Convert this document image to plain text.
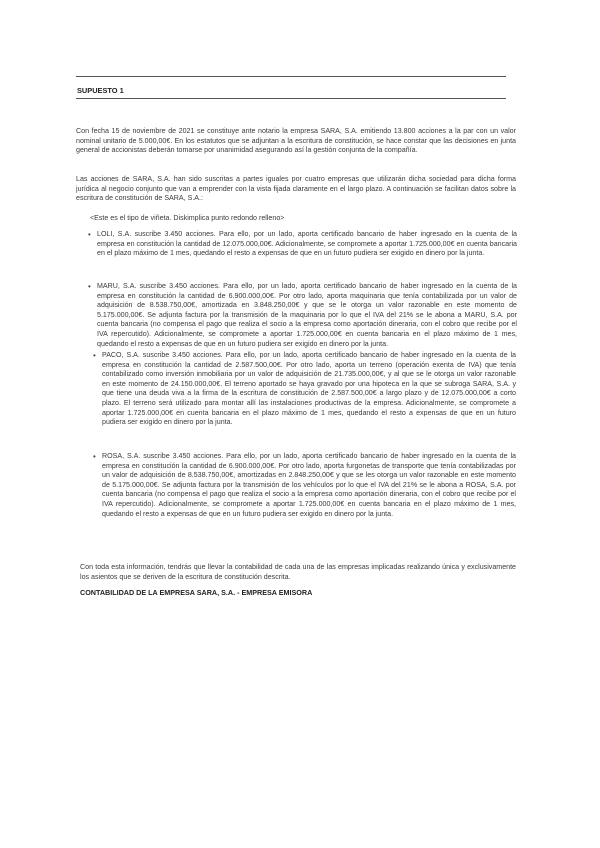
SUPUESTO 1
Con fecha 15 de noviembre de 2021 se constituye ante notario la empresa SARA, S.A. emitiendo 13.800 acciones a la par con un valor nominal unitario de 5.000,00€. En los estatutos que se adjuntan a la escritura de constitución, se hace constar que las decisiones en junta general de accionistas deberán tomarse por unanimidad asegurando así la gestión conjunta de la compañía.
Las acciones de SARA, S.A. han sido suscritas a partes iguales por cuatro empresas que utilizarán dicha sociedad para dicha forma jurídica al negocio conjunto que van a emprender con la vista fijada claramente en el largo plazo. A continuación se facilitan datos sobre la escritura de constitución de SARA, S.A.:
<Este es el tipo de viñeta. Diskimplica punto redondo relleno>
• LOLI, S.A. suscribe 3.450 acciones. Para ello, por un lado, aporta certificado bancario de haber ingresado en la cuenta de la empresa en constitución la cantidad de 12.075.000,00€. Adicionalmente, se compromete a aportar 1.725.000,00€ en cuenta bancaria en el plazo máximo de 1 mes, quedando el resto a expensas de que en un futuro pudiera ser exigido en dinero por la junta.
• MARU, S.A. suscribe 3.450 acciones. Para ello, por un lado, aporta certificado bancario de haber ingresado en la cuenta de la empresa en constitución la cantidad de 6.900.000,00€. Por otro lado, aporta maquinaria que tenía contabilizada por un valor de adquisición de 8.538.750,00€, amortizada en 3.848.250,00€ y que se le otorga un valor razonable en este momento de 5.175.000,00€. Se adjunta factura por la transmisión de la maquinaria por lo que el IVA del 21% se le abona a MARU, S.A. por cuenta bancaria (no compensa el pago que realiza el socio a la empresa como aportación dineraria, con el cobro que recibe por el IVA repercutido). Adicionalmente, se compromete a aportar 1.725.000,00€ en cuenta bancaria en el plazo máximo de 1 mes, quedando el resto a expensas de que en un futuro pudiera ser exigido en dinero por la junta.
• PACO, S.A. suscribe 3.450 acciones. Para ello, por un lado, aporta certificado bancario de haber ingresado en la cuenta de la empresa en constitución la cantidad de 2.587.500,00€. Por otro lado, aporta un terreno (operación exenta de IVA) que tenía contabilizado como inversión inmobiliaria por un valor de adquisición de 21.735.000,00€, y al que se le otorga un valor razonable en este momento de 24.150.000,00€. El terreno aportado se haya gravado por una hipoteca en la que se subroga SARA, S.A. y que tiene una deuda viva a la firma de la escritura de constitución de 2.587.500,00€ a largo plazo y de 12.075.000,00€ a corto plazo. El terreno será utilizado para montar allí las instalaciones productivas de la empresa. Adicionalmente, se compromete a aportar 1.725.000,00€ en cuenta bancaria en el plazo máximo de 1 mes, quedando el resto a expensas de que en un futuro pudiera ser exigido en dinero por la junta.
• ROSA, S.A. suscribe 3.450 acciones. Para ello, por un lado, aporta certificado bancario de haber ingresado en la cuenta de la empresa en constitución la cantidad de 6.900.000,00€. Por otro lado, aporta furgonetas de transporte que tenía contabilizadas por un valor de adquisición de 8.538.750,00€, amortizadas en 2.848.250,00€ y que se les otorga un valor razonable en este momento de 5.175.000,00€. Se adjunta factura por la transmisión de los vehículos por lo que el IVA del 21% se le abona a ROSA, S.A. por cuenta bancaria (no compensa el pago que realiza el socio a la empresa como aportación dineraria, con el cobro que recibe por el IVA repercutido). Adicionalmente, se compromete a aportar 1.725.000,00€ en cuenta bancaria en el plazo máximo de 1 mes, quedando el resto a expensas de que en un futuro pudiera ser exigido en dinero por la junta.
Con toda esta información, tendrás que llevar la contabilidad de cada una de las empresas implicadas realizando única y exclusivamente los asientos que se deriven de la escritura de constitución descrita.
CONTABILIDAD DE LA EMPRESA SARA, S.A. - EMPRESA EMISORA
